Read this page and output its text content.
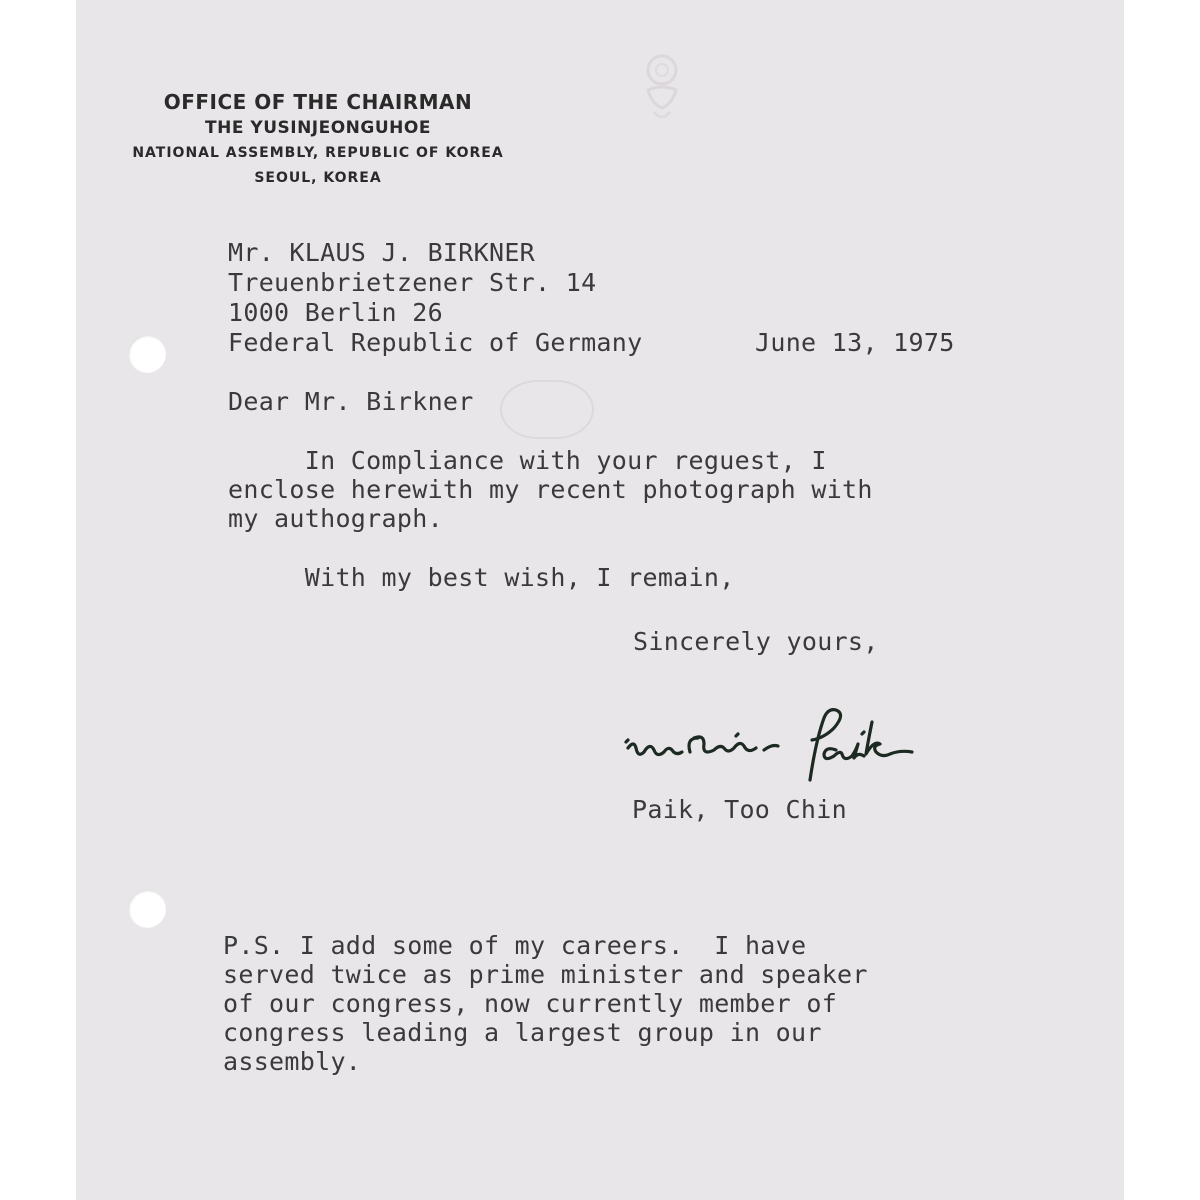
OFFICE OF THE CHAIRMAN
THE YUSINJEONGUHOE
NATIONAL ASSEMBLY, REPUBLIC OF KOREA
SEOUL, KOREA
Mr. KLAUS J. BIRKNER
Treuenbrietzener Str. 14
1000 Berlin 26
Federal Republic of Germany	June 13, 1975
Dear Mr. Birkner
In Compliance with your reguest, I
enclose herewith my recent photograph with
my authograph.
With my best wish, I remain,
Sincerely yours,
Paik
Paik, Too Chin
P.S. I add some of my careers.  I have
served twice as prime minister and speaker
of our congress, now currently member of
congress leading a largest group in our
assembly.
